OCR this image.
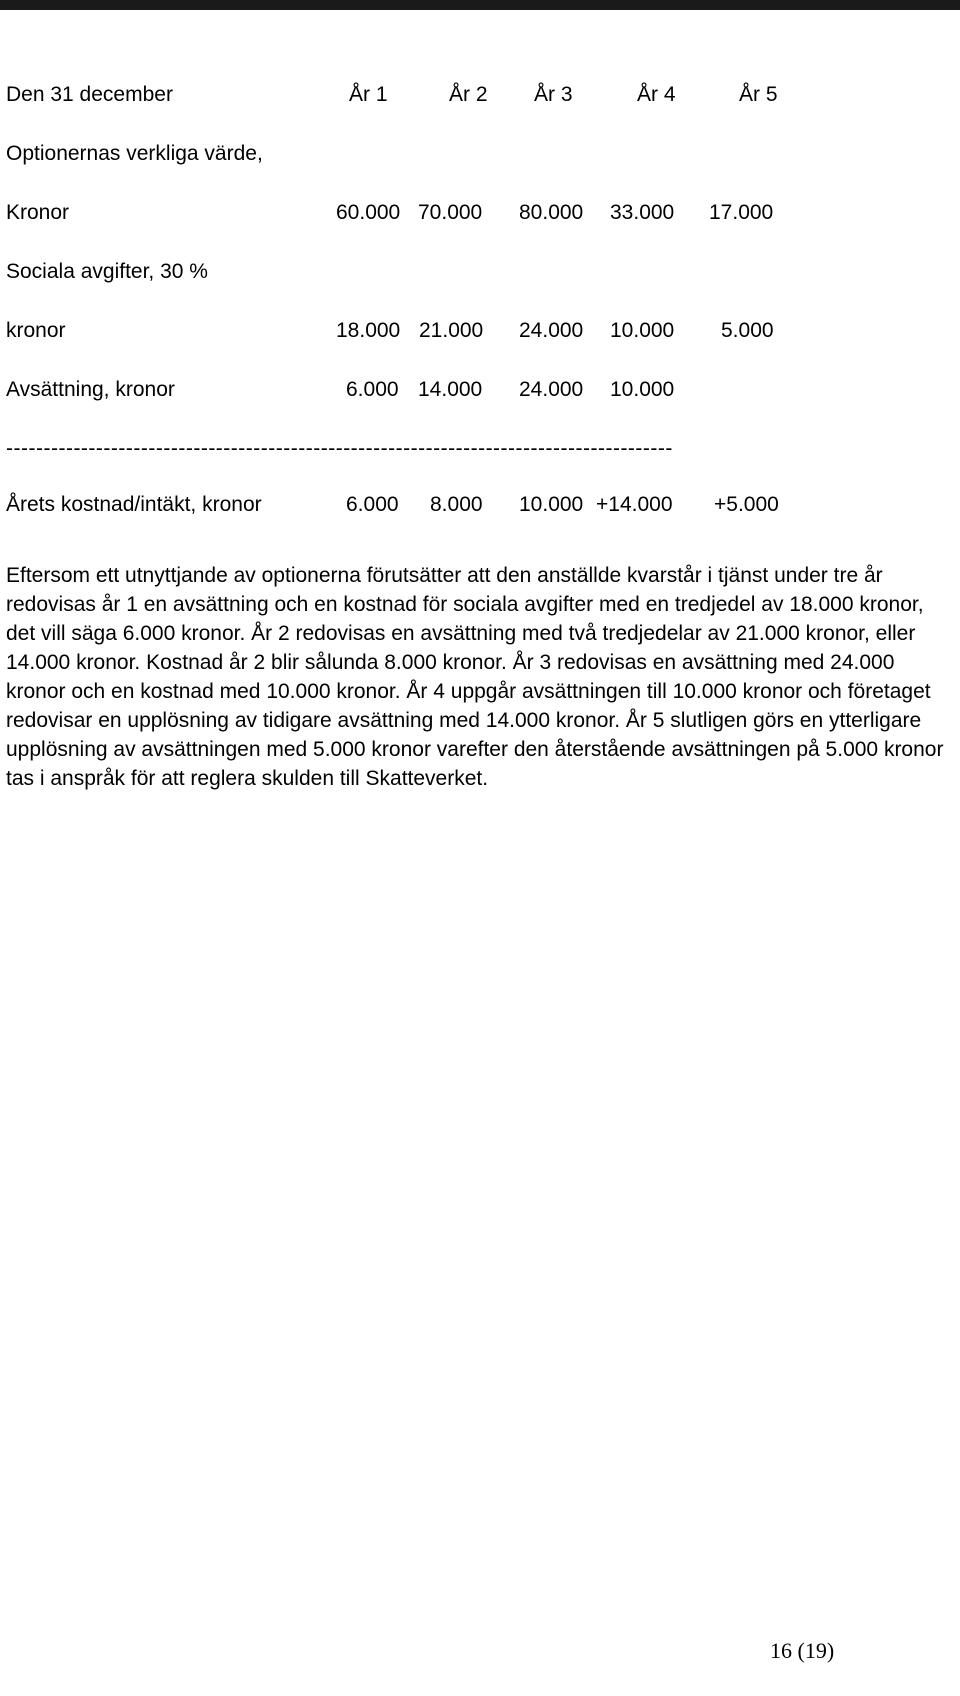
Den 31 december	År 1	År 2 År 3	År 4	År 5
Optionernas verkliga värde,
Kronor	60.000 70.000 80.000 33.000 17.000
Sociala avgifter, 30 %
kronor	18.000 21.000 24.000 10.000 5.000
Avsättning, kronor	6.000 14.000 24.000 10.000
-----------------------------------------------------------------------------------------
Årets kostnad/intäkt, kronor	6.000 8.000 10.000 +14.000 +5.000

Eftersom ett utnyttjande av optionerna förutsätter att den anställde kvarstår i tjänst under tre år redovisas år 1 en avsättning och en kostnad för sociala avgifter med en tredjedel av 18.000 kronor, det vill säga 6.000 kronor. År 2 redovisas en avsättning med två tredjedelar av 21.000 kronor, eller 14.000 kronor. Kostnad år 2 blir sålunda 8.000 kronor. År 3 redovisas en avsättning med 24.000 kronor och en kostnad med 10.000 kronor. År 4 uppgår avsättningen till 10.000 kronor och företaget redovisar en upplösning av tidigare avsättning med 14.000 kronor. År 5 slutligen görs en ytterligare upplösning av avsättningen med 5.000 kronor varefter den återstående avsättningen på 5.000 kronor tas i anspråk för att reglera skulden till Skatteverket.

16 (19)
